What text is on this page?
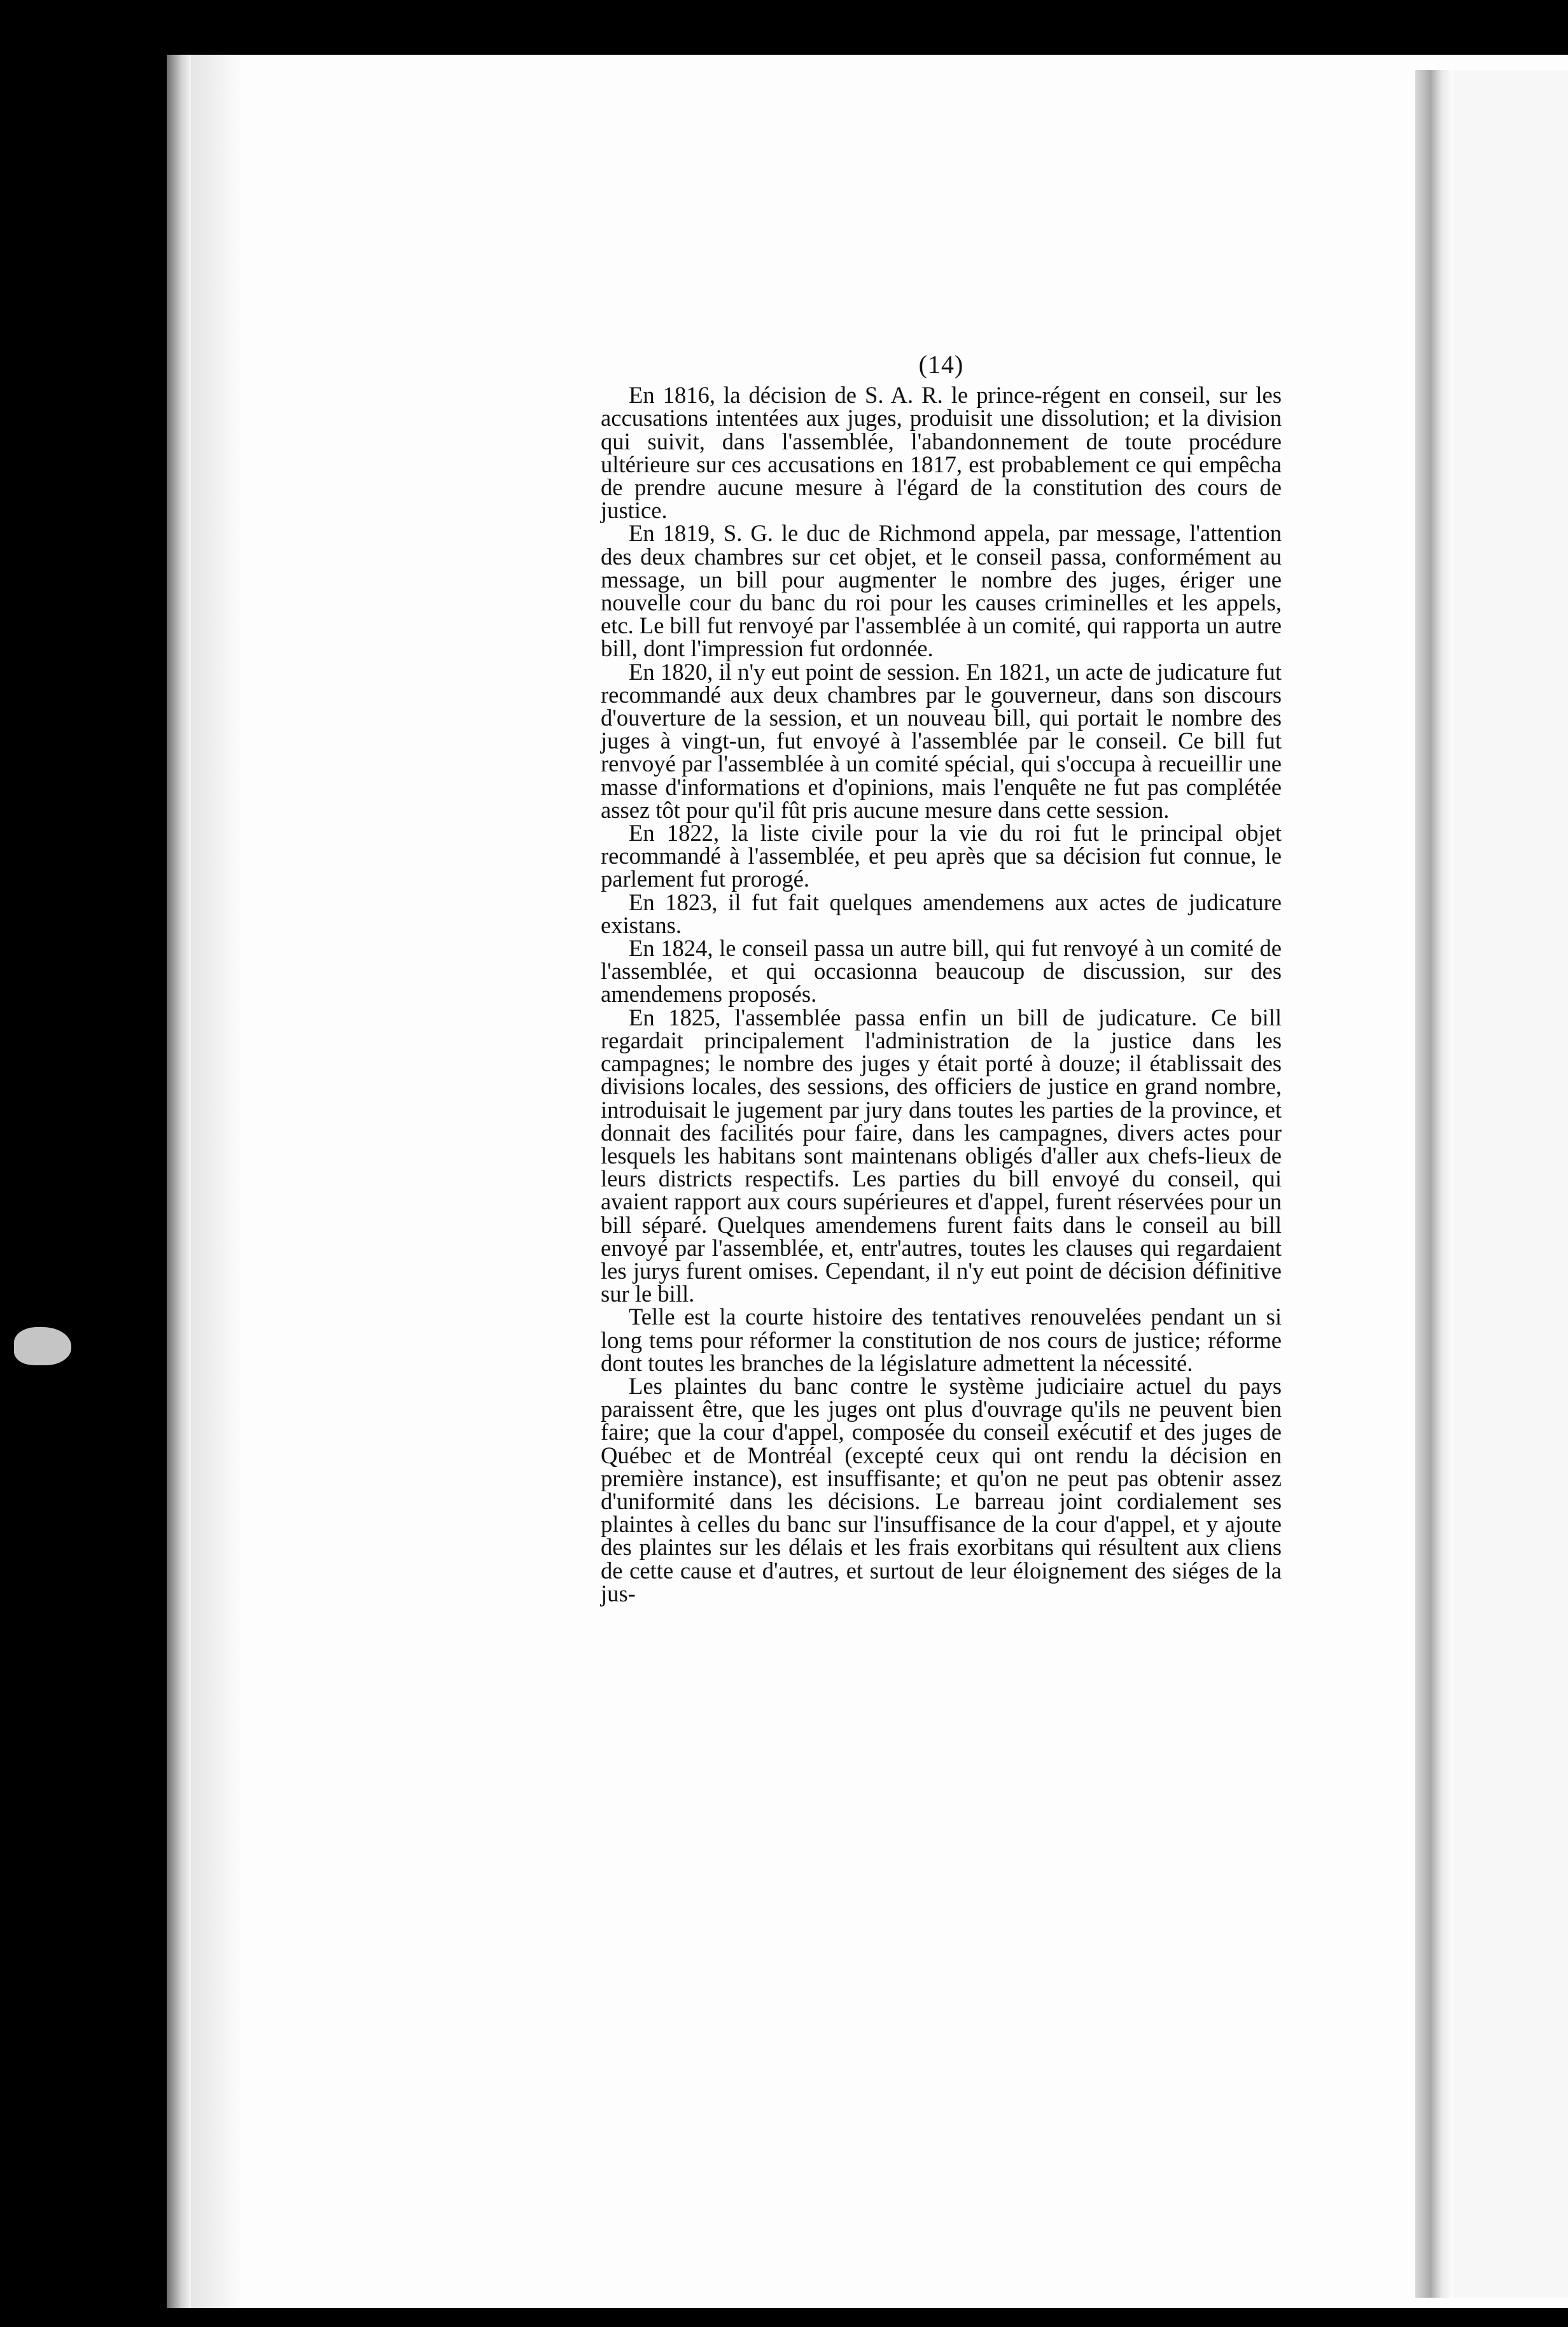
(14)

En 1816, la décision de S. A. R. le prince-régent en conseil, sur les accusations intentées aux juges, produisit une dissolution; et la division qui suivit, dans l'assemblée, l'abandonnement de toute procédure ultérieure sur ces accusations en 1817, est probablement ce qui empêcha de prendre aucune mesure à l'égard de la constitution des cours de justice.

En 1819, S. G. le duc de Richmond appela, par message, l'attention des deux chambres sur cet objet, et le conseil passa, conformément au message, un bill pour augmenter le nombre des juges, ériger une nouvelle cour du banc du roi pour les causes criminelles et les appels, etc. Le bill fut renvoyé par l'assemblée à un comité, qui rapporta un autre bill, dont l'impression fut ordonnée.

En 1820, il n'y eut point de session. En 1821, un acte de judicature fut recommandé aux deux chambres par le gouverneur, dans son discours d'ouverture de la session, et un nouveau bill, qui portait le nombre des juges à vingt-un, fut envoyé à l'assemblée par le conseil. Ce bill fut renvoyé par l'assemblée à un comité spécial, qui s'occupa à recueillir une masse d'informations et d'opinions, mais l'enquête ne fut pas complétée assez tôt pour qu'il fût pris aucune mesure dans cette session.

En 1822, la liste civile pour la vie du roi fut le principal objet recommandé à l'assemblée, et peu après que sa décision fut connue, le parlement fut prorogé.

En 1823, il fut fait quelques amendemens aux actes de judicature existans.

En 1824, le conseil passa un autre bill, qui fut renvoyé à un comité de l'assemblée, et qui occasionna beaucoup de discussion, sur des amendemens proposés.

En 1825, l'assemblée passa enfin un bill de judicature. Ce bill regardait principalement l'administration de la justice dans les campagnes; le nombre des juges y était porté à douze; il établissait des divisions locales, des sessions, des officiers de justice en grand nombre, introduisait le jugement par jury dans toutes les parties de la province, et donnait des facilités pour faire, dans les campagnes, divers actes pour lesquels les habitans sont maintenans obligés d'aller aux chefs-lieux de leurs districts respectifs. Les parties du bill envoyé du conseil, qui avaient rapport aux cours supérieures et d'appel, furent réservées pour un bill séparé. Quelques amendemens furent faits dans le conseil au bill envoyé par l'assemblée, et, entr'autres, toutes les clauses qui regardaient les jurys furent omises. Cependant, il n'y eut point de décision définitive sur le bill.

Telle est la courte histoire des tentatives renouvelées pendant un si long tems pour réformer la constitution de nos cours de justice; réforme dont toutes les branches de la législature admettent la nécessité.

Les plaintes du banc contre le système judiciaire actuel du pays paraissent être, que les juges ont plus d'ouvrage qu'ils ne peuvent bien faire; que la cour d'appel, composée du conseil exécutif et des juges de Québec et de Montréal (excepté ceux qui ont rendu la décision en première instance), est insuffisante; et qu'on ne peut pas obtenir assez d'uniformité dans les décisions. Le barreau joint cordialement ses plaintes à celles du banc sur l'insuffisance de la cour d'appel, et y ajoute des plaintes sur les délais et les frais exorbitans qui résultent aux cliens de cette cause et d'autres, et surtout de leur éloignement des siéges de la jus-
